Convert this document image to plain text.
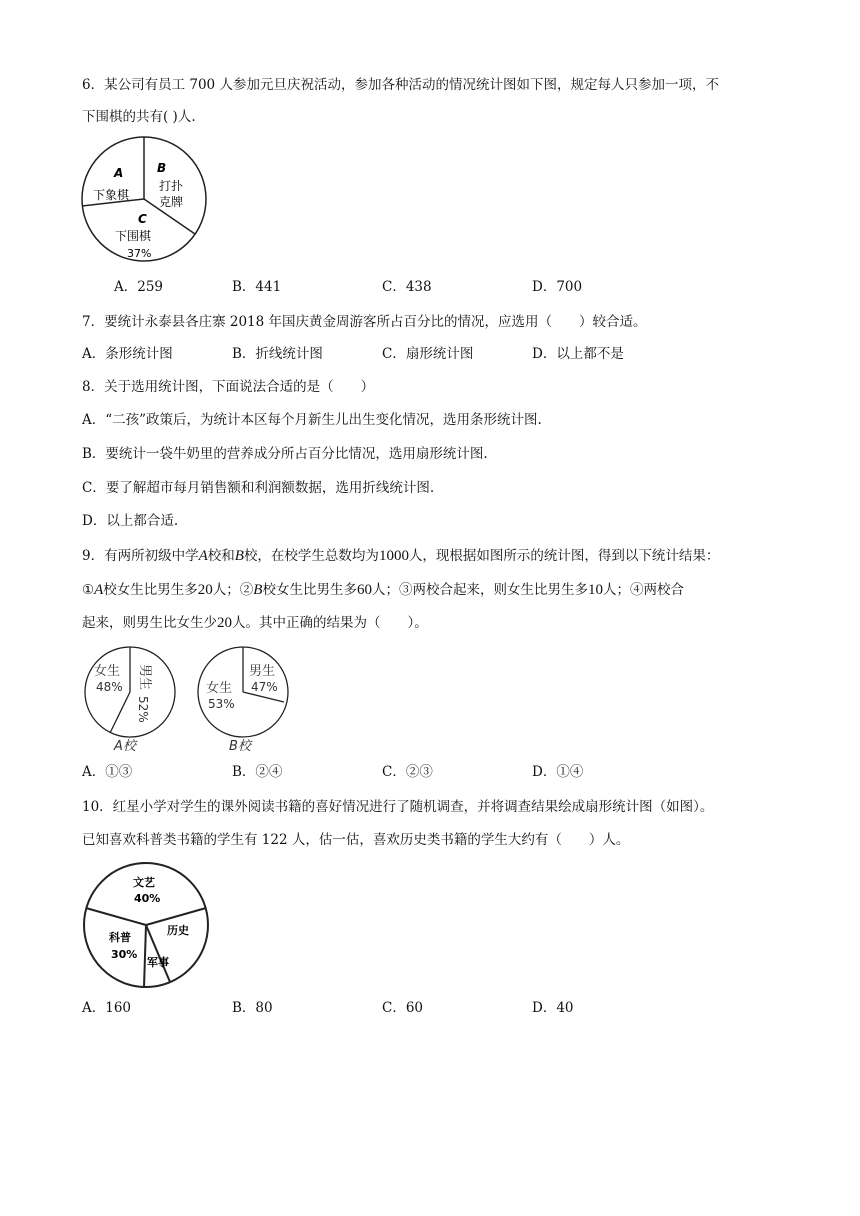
6．某公司有员工 700 人参加元旦庆祝活动，参加各种活动的情况统计图如下图，规定每人只参加一项，不
下围棋的共有( )人.
A
下象棋
B
打扑
克牌
C
下围棋
37%
A．259	B．441	C．438	D．700
7．要统计永泰县各庄寨 2018 年国庆黄金周游客所占百分比的情况，应选用（　　）较合适。
A．条形统计图	B．折线统计图	C．扇形统计图	D．以上都不是
8．关于选用统计图，下面说法合适的是（　　）
A．“二孩”政策后，为统计本区每个月新生儿出生变化情况，选用条形统计图.
B．要统计一袋牛奶里的营养成分所占百分比情况，选用扇形统计图.
C．要了解超市每月销售额和利润额数据，选用折线统计图.
D．以上都合适.
9．有两所初级中学A校和B校，在校学生总数均为1000人，现根据如图所示的统计图，得到以下统计结果：
①A校女生比男生多20人；②B校女生比男生多60人；③两校合起来，则女生比男生多10人；④两校合
起来，则男生比女生少20人。其中正确的结果为（　　）。
女生
48% 男生
52%
A校
女生
53%
男生
47%
B校
A．①③	B．②④	C．②③	D．①④
10．红星小学对学生的课外阅读书籍的喜好情况进行了随机调查，并将调查结果绘成扇形统计图（如图）。
已知喜欢科普类书籍的学生有 122 人，估一估，喜欢历史类书籍的学生大约有（　　）人。
文艺
40%
科普
30%
历史
军事
A．160	B．80	C．60	D．40
